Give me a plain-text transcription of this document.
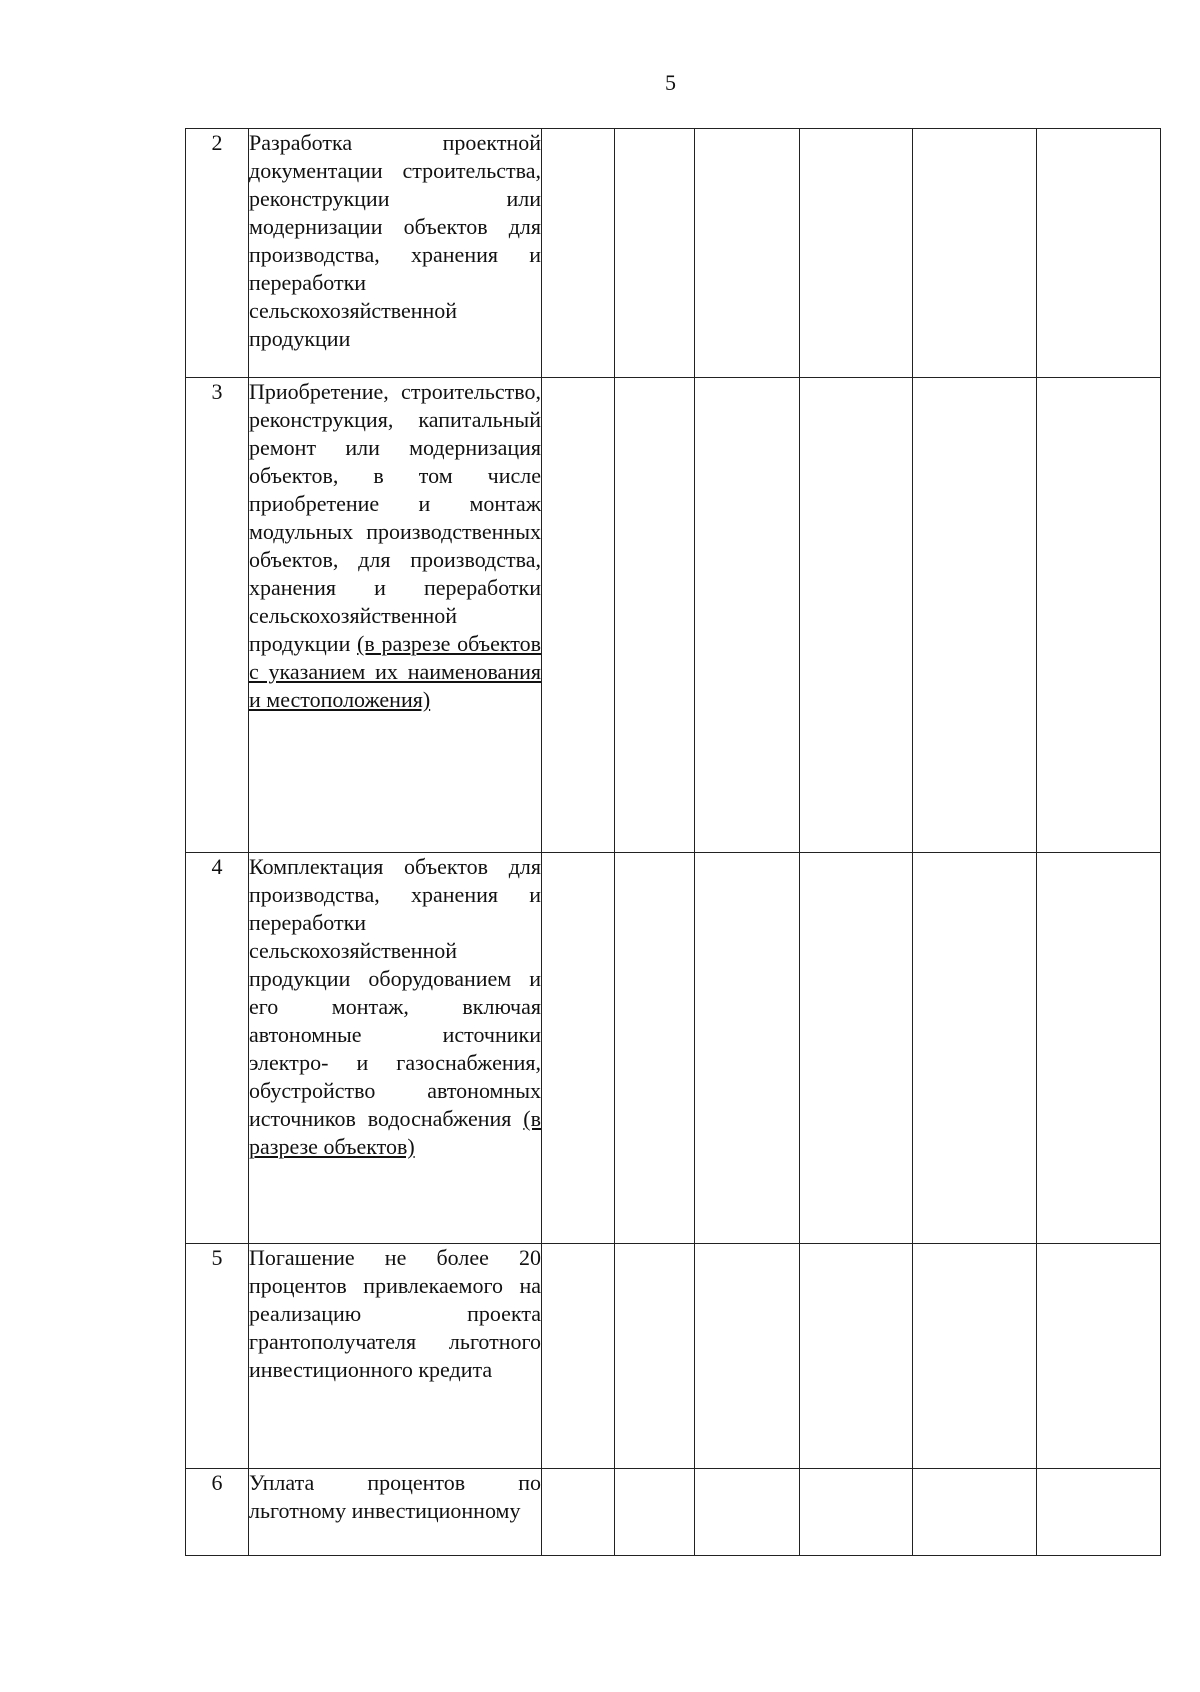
5
2	Разработка проектной документации строительства, реконструкции или модернизации объектов для производства, хранения и переработки сельскохозяйственной продукции						
3	Приобретение, строительство, реконструкция, капитальный ремонт или модернизация объектов, в том числе приобретение и монтаж модульных производственных объектов, для производства, хранения и переработки сельскохозяйственной продукции (в разрезе объектов с указанием их наименования и местоположения)						
4	Комплектация объектов для производства, хранения и переработки сельскохозяйственной продукции оборудованием и его монтаж, включая автономные источники электро- и газоснабжения, обустройство автономных источников водоснабжения (в разрезе объектов)						
5	Погашение не более 20 процентов привлекаемого на реализацию проекта грантополучателя льготного инвестиционного кредита						
6	Уплата процентов по льготному инвестиционному						
